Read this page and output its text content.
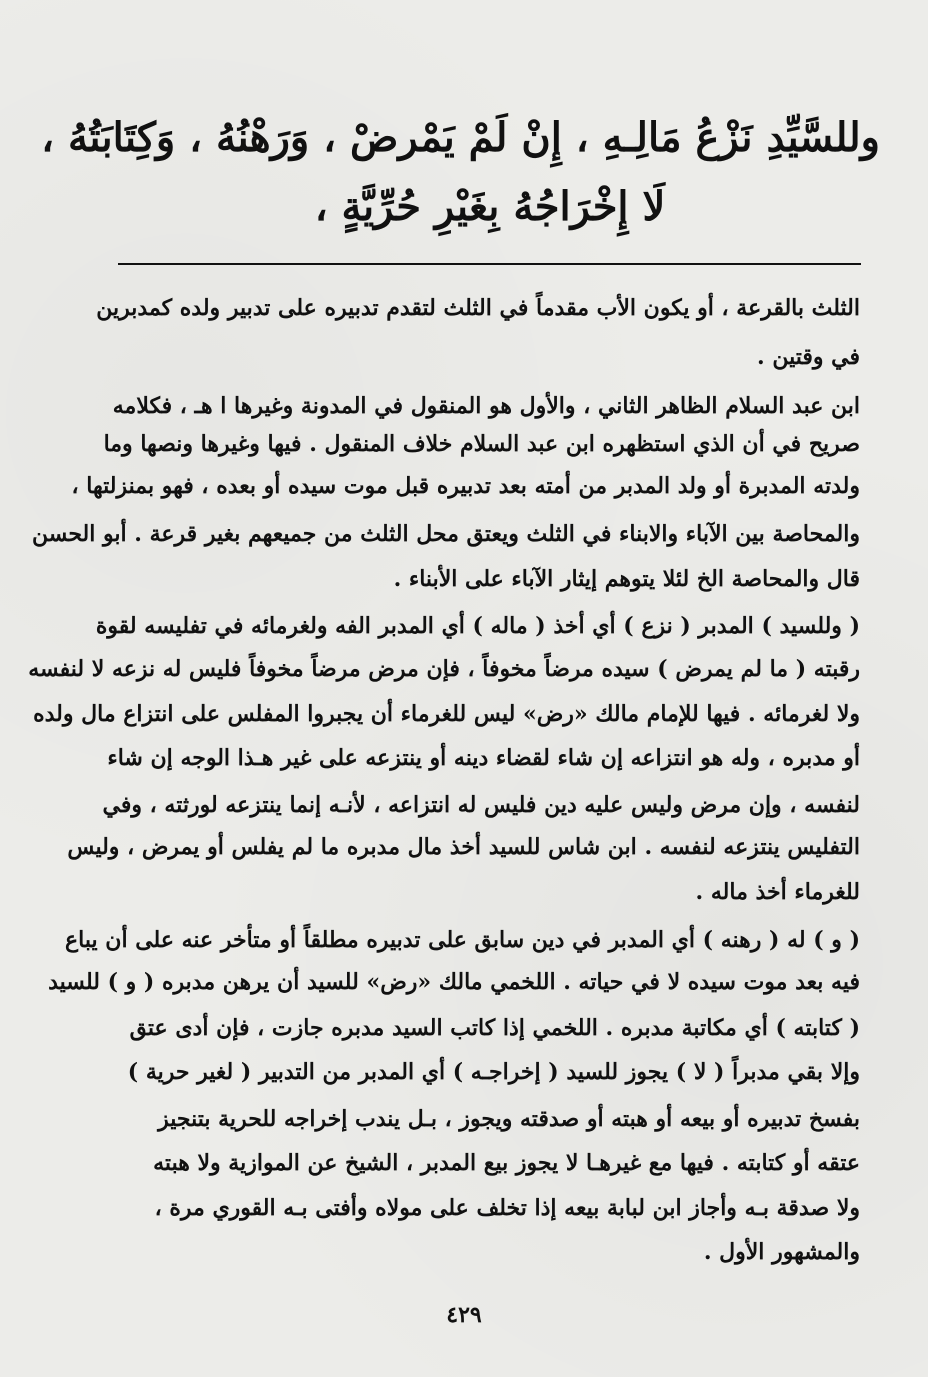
وللسَّيِّدِ نَزْعُ مَالِـهِ ، إِنْ لَمْ يَمْرضْ ، وَرَهْنُهُ ، وَكِتَابَتُهُ ،
لَا إِخْرَاجُهُ بِغَيْرِ حُرِّيَّةٍ ،
الثلث بالقرعة ، أو يكون الأب مقدماً في الثلث لتقدم تدبيره على تدبير ولده كمدبرين
في وقتين .
ابن عبد السلام الظاهر الثاني ، والأول هو المنقول في المدونة وغيرها ا هـ ، فكلامه
صريح في أن الذي استظهره ابن عبد السلام خلاف المنقول . فيها وغيرها ونصها وما
ولدته المدبرة أو ولد المدبر من أمته بعد تدبيره قبل موت سيده أو بعده ، فهو بمنزلتها ،
والمحاصة بين الآباء والابناء في الثلث ويعتق محل الثلث من جميعهم بغير قرعة . أبو الحسن
قال والمحاصة الخ لئلا يتوهم إيثار الآباء على الأبناء .
( وللسيد ) المدبر ( نزع ) أي أخذ ( ماله ) أي المدبر الفه ولغرمائه في تفليسه لقوة
رقبته ( ما لم يمرض ) سيده مرضاً مخوفاً ، فإن مرض مرضاً مخوفاً فليس له نزعه لا لنفسه
ولا لغرمائه . فيها للإمام مالك «رض» ليس للغرماء أن يجبروا المفلس على انتزاع مال ولده
أو مدبره ، وله هو انتزاعه إن شاء لقضاء دينه أو ينتزعه على غير هـذا الوجه إن شاء
لنفسه ، وإن مرض وليس عليه دين فليس له انتزاعه ، لأنـه إنما ينتزعه لورثته ، وفي
التفليس ينتزعه لنفسه . ابن شاس للسيد أخذ مال مدبره ما لم يفلس أو يمرض ، وليس
للغرماء أخذ ماله .
( و ) له ( رهنه ) أي المدبر في دين سابق على تدبيره مطلقاً أو متأخر عنه على أن يباع
فيه بعد موت سيده لا في حياته . اللخمي مالك «رض» للسيد أن يرهن مدبره ( و ) للسيد
( كتابته ) أي مكاتبة مدبره . اللخمي إذا كاتب السيد مدبره جازت ، فإن أدى عتق
وإلا بقي مدبراً ( لا ) يجوز للسيد ( إخراجـه ) أي المدبر من التدبير ( لغير حرية )
بفسخ تدبيره أو بيعه أو هبته أو صدقته ويجوز ، بـل يندب إخراجه للحرية بتنجيز
عتقه أو كتابته . فيها مع غيرهـا لا يجوز بيع المدبر ، الشيخ عن الموازية ولا هبته
ولا صدقة بـه وأجاز ابن لبابة بيعه إذا تخلف على مولاه وأفتى بـه القوري مرة ،
والمشهور الأول .
٤٢٩
